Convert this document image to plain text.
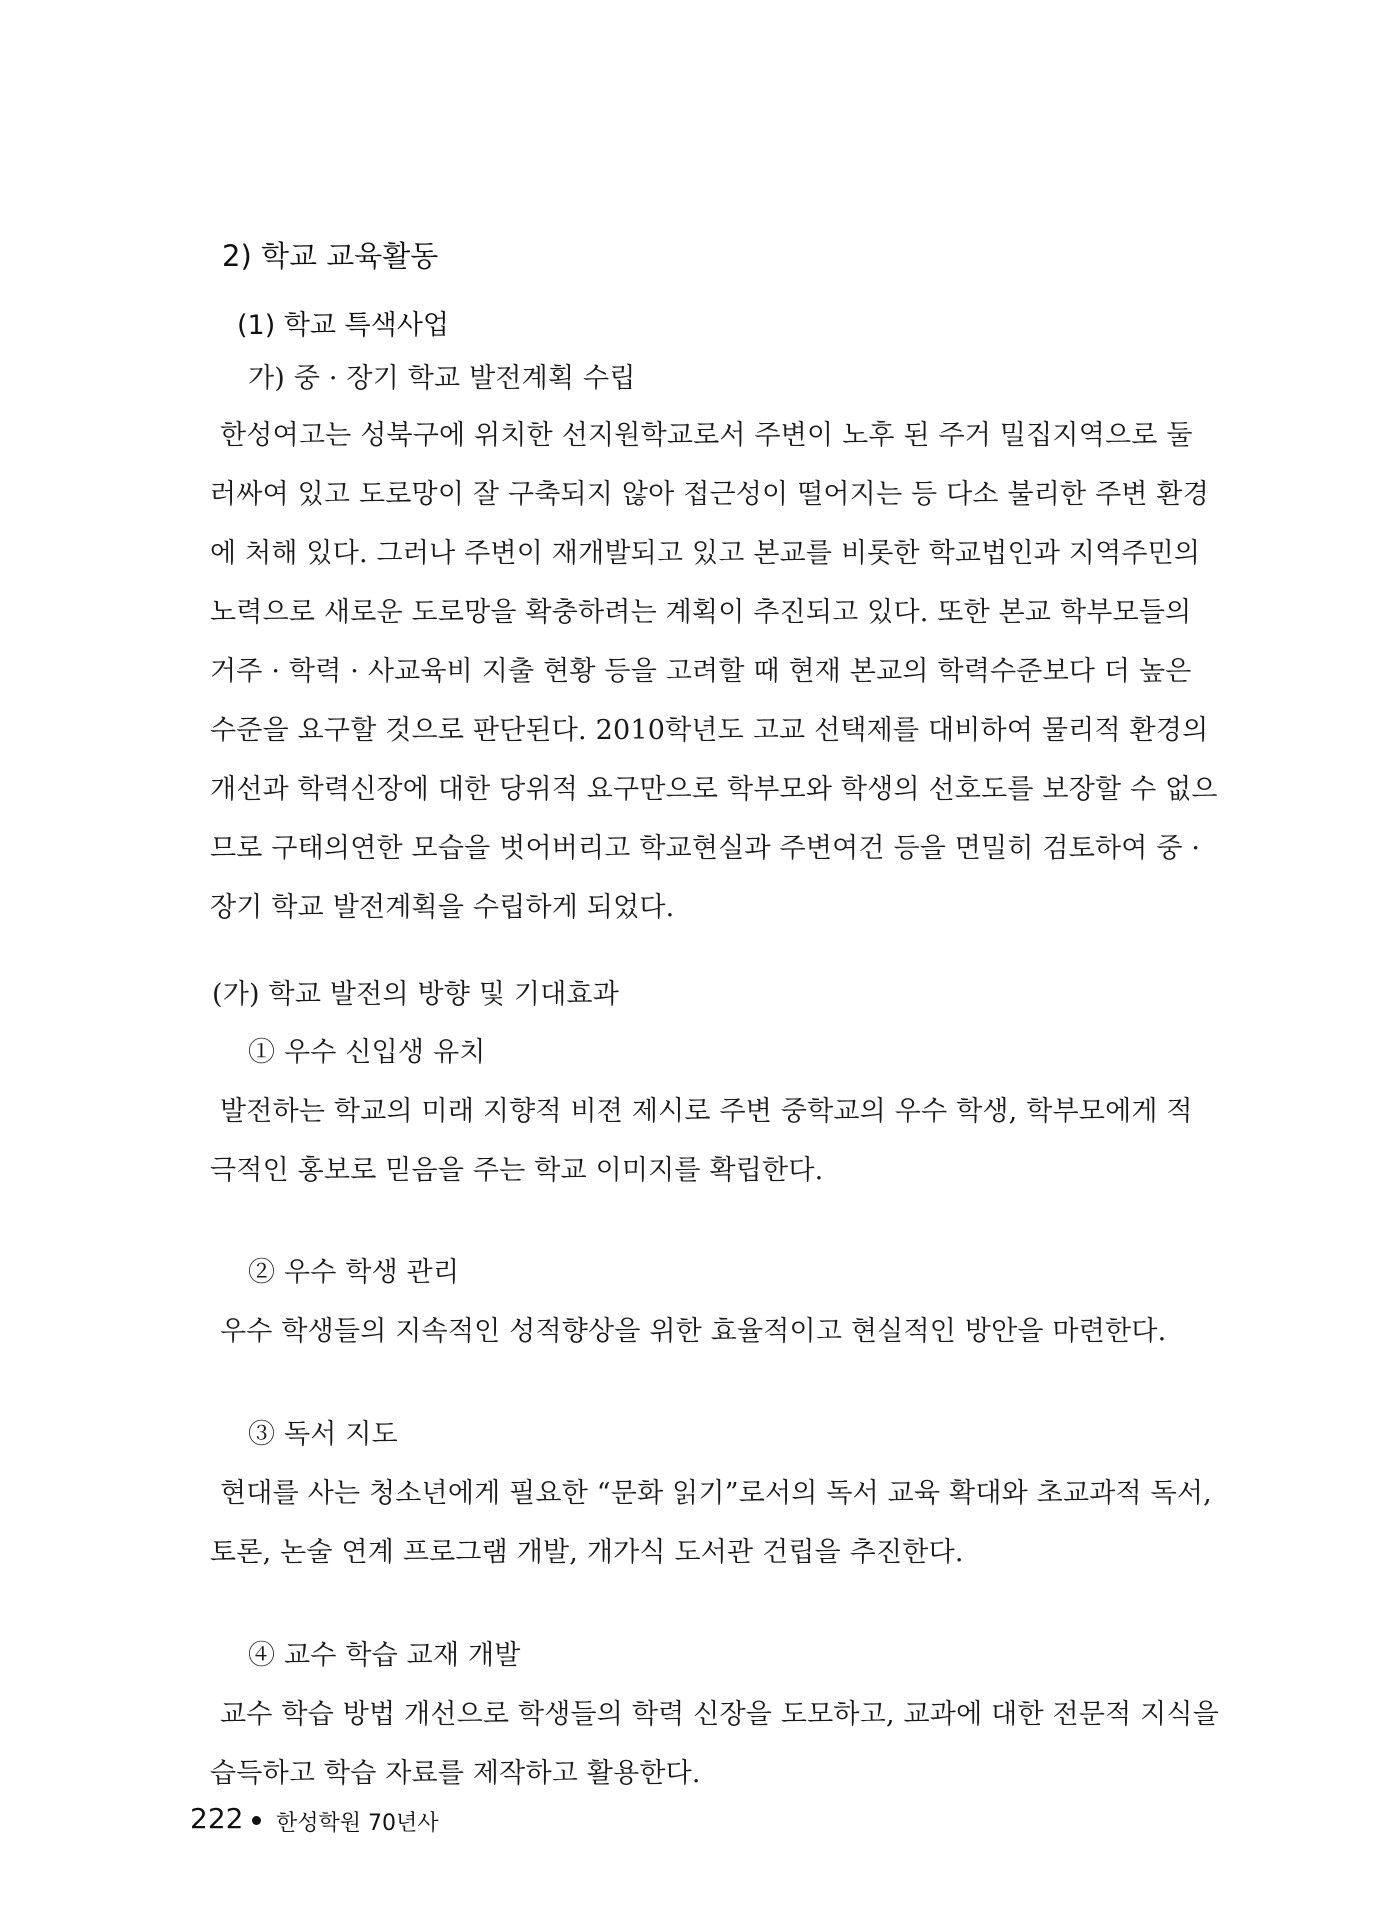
2) 학교 교육활동
(1) 학교 특색사업
가) 중 · 장기 학교 발전계획 수립
한성여고는 성북구에 위치한 선지원학교로서 주변이 노후 된 주거 밀집지역으로 둘
러싸여 있고 도로망이 잘 구축되지 않아 접근성이 떨어지는 등 다소 불리한 주변 환경
에 처해 있다. 그러나 주변이 재개발되고 있고 본교를 비롯한 학교법인과 지역주민의
노력으로 새로운 도로망을 확충하려는 계획이 추진되고 있다. 또한 본교 학부모들의
거주 · 학력 · 사교육비 지출 현황 등을 고려할 때 현재 본교의 학력수준보다 더 높은
수준을 요구할 것으로 판단된다. 2010학년도 고교 선택제를 대비하여 물리적 환경의
개선과 학력신장에 대한 당위적 요구만으로 학부모와 학생의 선호도를 보장할 수 없으
므로 구태의연한 모습을 벗어버리고 학교현실과 주변여건 등을 면밀히 검토하여 중 ·
장기 학교 발전계획을 수립하게 되었다.
(가) 학교 발전의 방향 및 기대효과
① 우수 신입생 유치
발전하는 학교의 미래 지향적 비젼 제시로 주변 중학교의 우수 학생, 학부모에게 적
극적인 홍보로 믿음을 주는 학교 이미지를 확립한다.
② 우수 학생 관리
우수 학생들의 지속적인 성적향상을 위한 효율적이고 현실적인 방안을 마련한다.
③ 독서 지도
현대를 사는 청소년에게 필요한 “문화 읽기”로서의 독서 교육 확대와 초교과적 독서,
토론, 논술 연계 프로그램 개발, 개가식 도서관 건립을 추진한다.
④ 교수 학습 교재 개발
교수 학습 방법 개선으로 학생들의 학력 신장을 도모하고, 교과에 대한 전문적 지식을
습득하고 학습 자료를 제작하고 활용한다.
222 한성학원 70년사
